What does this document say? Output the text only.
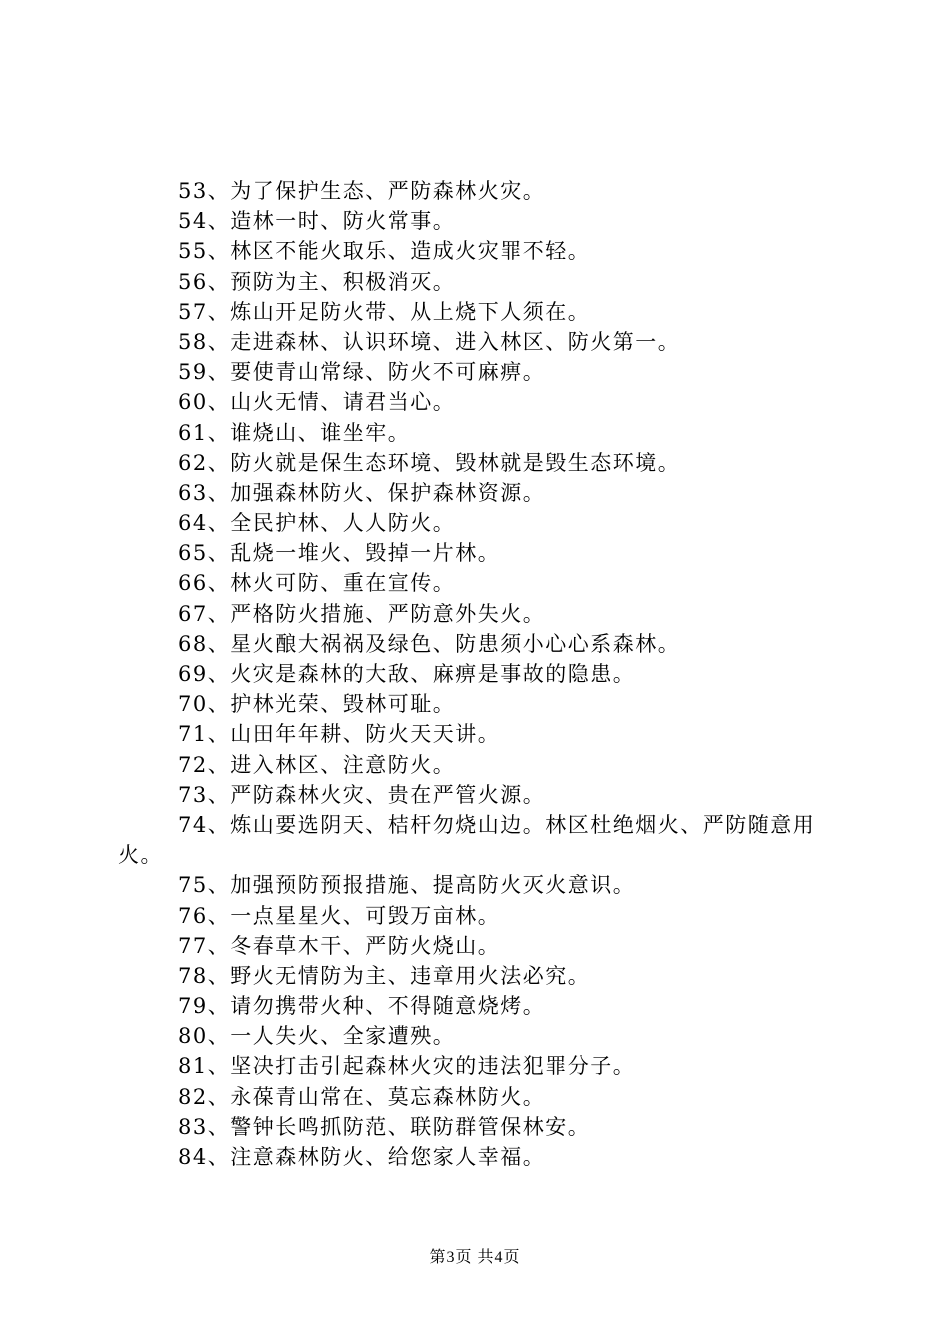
53、为了保护生态、严防森林火灾。
54、造林一时、防火常事。
55、林区不能火取乐、造成火灾罪不轻。
56、预防为主、积极消灭。
57、炼山开足防火带、从上烧下人须在。
58、走进森林、认识环境、进入林区、防火第一。
59、要使青山常绿、防火不可麻痹。
60、山火无情、请君当心。
61、谁烧山、谁坐牢。
62、防火就是保生态环境、毁林就是毁生态环境。
63、加强森林防火、保护森林资源。
64、全民护林、人人防火。
65、乱烧一堆火、毁掉一片林。
66、林火可防、重在宣传。
67、严格防火措施、严防意外失火。
68、星火酿大祸祸及绿色、防患须小心心系森林。
69、火灾是森林的大敌、麻痹是事故的隐患。
70、护林光荣、毁林可耻。
71、山田年年耕、防火天天讲。
72、进入林区、注意防火。
73、严防森林火灾、贵在严管火源。
74、炼山要选阴天、桔杆勿烧山边。林区杜绝烟火、严防随意用火。
75、加强预防预报措施、提高防火灭火意识。
76、一点星星火、可毁万亩林。
77、冬春草木干、严防火烧山。
78、野火无情防为主、违章用火法必究。
79、请勿携带火种、不得随意烧烤。
80、一人失火、全家遭殃。
81、坚决打击引起森林火灾的违法犯罪分子。
82、永葆青山常在、莫忘森林防火。
83、警钟长鸣抓防范、联防群管保林安。
84、注意森林防火、给您家人幸福。
第3页 共4页
